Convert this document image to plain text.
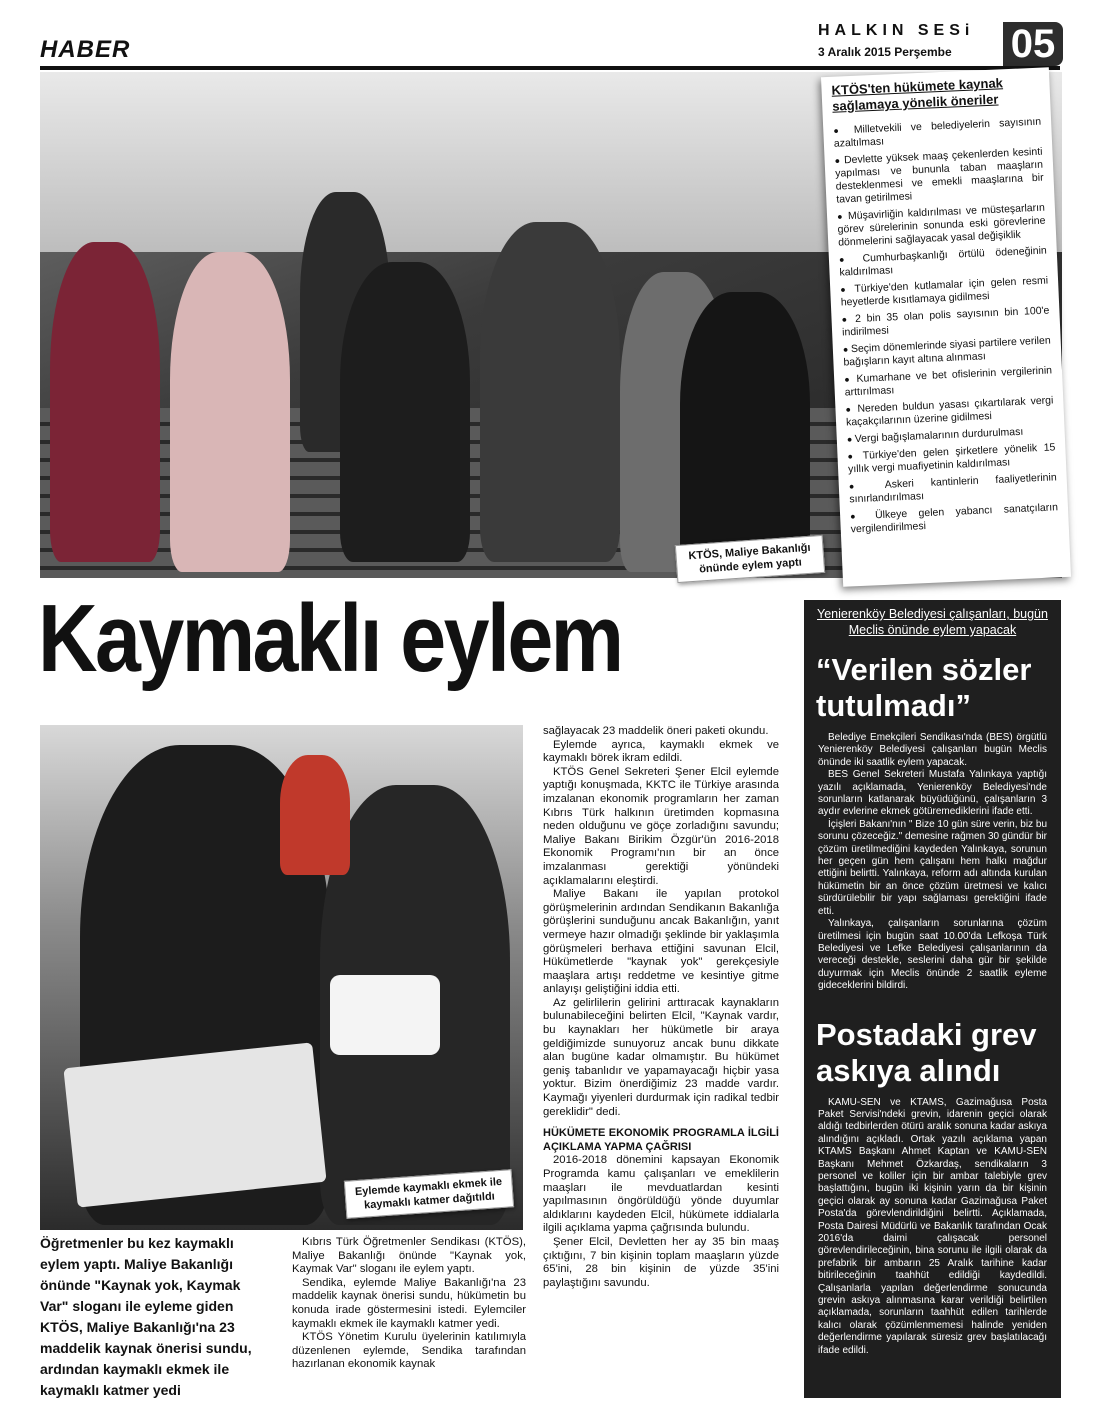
HABER
HALKIN SESi
3 Aralık 2015 Perşembe 05
KTÖS, Maliye Bakanlığı önünde eylem yaptı
KTÖS'ten hükümete kaynak sağlamaya yönelik öneriler
● Milletvekili ve belediyelerin sayısının azaltılması
● Devlette yüksek maaş çekenlerden kesinti yapılması ve bununla taban maaşların desteklenmesi ve emekli maaşlarına bir tavan getirilmesi
● Müşavirliğin kaldırılması ve müsteşarların görev sürelerinin sonunda eski görevlerine dönmelerini sağlayacak yasal değişiklik
● Cumhurbaşkanlığı örtülü ödeneğinin kaldırılması
● Türkiye'den kutlamalar için gelen resmi heyetlerde kısıtlamaya gidilmesi
● 2 bin 35 olan polis sayısının bin 100'e indirilmesi
● Seçim dönemlerinde siyasi partilere verilen bağışların kayıt altına alınması
● Kumarhane ve bet ofislerinin vergilerinin arttırılması
● Nereden buldun yasası çıkartılarak vergi kaçakçılarının üzerine gidilmesi
● Vergi bağışlamalarının durdurulması
● Türkiye'den gelen şirketlere yönelik 15 yıllık vergi muafiyetinin kaldırılması
● Askeri kantinlerin faaliyetlerinin sınırlandırılması
● Ülkeye gelen yabancı sanatçıların vergilendirilmesi
Kaymaklı eylem
Eylemde kaymaklı ekmek ile kaymaklı katmer dağıtıldı
Öğretmenler bu kez kaymaklı eylem yaptı. Maliye Bakanlığı önünde "Kaynak yok, Kaymak Var" sloganı ile eyleme giden KTÖS, Maliye Bakanlığı'na 23 maddelik kaynak önerisi sundu, ardından kaymaklı ekmek ile kaymaklı katmer yedi

Kıbrıs Türk Öğretmenler Sendikası (KTÖS), Maliye Bakanlığı önünde "Kaynak yok, Kaymak Var" sloganı ile eylem yaptı.

Sendika, eylemde Maliye Bakanlığı'na 23 maddelik kaynak önerisi sundu, hükümetin bu konuda irade göstermesini istedi. Eylemciler kaymaklı ekmek ile kaymaklı katmer yedi.

KTÖS Yönetim Kurulu üyelerinin katılımıyla düzenlenen eylemde, Sendika tarafından hazırlanan ekonomik kaynak

sağlayacak 23 maddelik öneri paketi okundu.

Eylemde ayrıca, kaymaklı ekmek ve kaymaklı börek ikram edildi.

KTÖS Genel Sekreteri Şener Elcil eylemde yaptığı konuşmada, KKTC ile Türkiye arasında imzalanan ekonomik programların her zaman Kıbrıs Türk halkının üretimden kopmasına neden olduğunu ve göçe zorladığını savundu; Maliye Bakanı Birikim Özgür'ün 2016-2018 Ekonomik Programı'nın bir an önce imzalanması gerektiği yönündeki açıklamalarını eleştirdi.

Maliye Bakanı ile yapılan protokol görüşmelerinin ardından Sendikanın Bakanlığa görüşlerini sunduğunu ancak Bakanlığın, yanıt vermeye hazır olmadığı şeklinde bir yaklaşımla görüşmeleri berhava ettiğini savunan Elcil, Hükümetlerde "kaynak yok" gerekçesiyle maaşlara artışı reddetme ve kesintiye gitme anlayışı geliştiğini iddia etti.

Az gelirlilerin gelirini arttıracak kaynakların bulunabileceğini belirten Elcil, "Kaynak vardır, bu kaynakları her hükümetle bir araya geldiğimizde sunuyoruz ancak bunu dikkate alan bugüne kadar olmamıştır. Bu hükümet geniş tabanlıdır ve yapamayacağı hiçbir yasa yoktur. Bizim önerdiğimiz 23 madde vardır. Kaymağı yiyenleri durdurmak için radikal tedbir gereklidir" dedi.

HÜKÜMETE EKONOMİK PROGRAMLA İLGİLİ AÇIKLAMA YAPMA ÇAĞRISI

2016-2018 dönemini kapsayan Ekonomik Programda kamu çalışanları ve emeklilerin maaşları ile mevduatlardan kesinti yapılmasının öngörüldüğü yönde duyumlar aldıklarını kaydeden Elcil, hükümete iddialarla ilgili açıklama yapma çağrısında bulundu.

Şener Elcil, Devletten her ay 35 bin maaş çıktığını, 7 bin kişinin toplam maaşların yüzde 65'ini, 28 bin kişinin de yüzde 35'ini paylaştığını savundu.

Yenierenköy Belediyesi çalışanları, bugün Meclis önünde eylem yapacak
“Verilen sözler tutulmadı”

Belediye Emekçileri Sendikası'nda (BES) örgütlü Yenierenköy Belediyesi çalışanları bugün Meclis önünde iki saatlik eylem yapacak.

BES Genel Sekreteri Mustafa Yalınkaya yaptığı yazılı açıklamada, Yenierenköy Belediyesi'nde sorunların katlanarak büyüdüğünü, çalışanların 3 aydır evlerine ekmek götüremediklerini ifade etti.

İçişleri Bakanı'nın " Bize 10 gün süre verin, biz bu sorunu çözeceğiz." demesine rağmen 30 gündür bir çözüm üretilmediğini kaydeden Yalınkaya, sorunun her geçen gün hem çalışanı hem halkı mağdur ettiğini belirtti. Yalınkaya, reform adı altında kurulan hükümetin bir an önce çözüm üretmesi ve kalıcı sürdürülebilir bir yapı sağlaması gerektiğini ifade etti.

Yalınkaya, çalışanların sorunlarına çözüm üretilmesi için bugün saat 10.00'da Lefkoşa Türk Belediyesi ve Lefke Belediyesi çalışanlarının da vereceği destekle, seslerini daha gür bir şekilde duyurmak için Meclis önünde 2 saatlik eyleme gideceklerini bildirdi.

Postadaki grev askıya alındı

KAMU-SEN ve KTAMS, Gazimağusa Posta Paket Servisi'ndeki grevin, idarenin geçici olarak aldığı tedbirlerden ötürü aralık sonuna kadar askıya alındığını açıkladı. Ortak yazılı açıklama yapan KTAMS Başkanı Ahmet Kaptan ve KAMU-SEN Başkanı Mehmet Özkardaş, sendikaların 3 personel ve koliler için bir ambar talebiyle grev başlattığını, bugün iki kişinin yarın da bir kişinin geçici olarak ay sonuna kadar Gazimağusa Paket Posta'da görevlendirildiğini belirtti. Açıklamada, Posta Dairesi Müdürlü ve Bakanlık tarafından Ocak 2016'da daimi çalışacak personel görevlendirileceğinin, bina sorunu ile ilgili olarak da prefabrik bir ambarın 25 Aralık tarihine kadar bitirileceğinin taahhüt edildiği kaydedildi. Çalışanlarla yapılan değerlendirme sonucunda grevin askıya alınmasına karar verildiği belirtilen açıklamada, sorunların taahhüt edilen tarihlerde kalıcı olarak çözümlenmemesi halinde yeniden değerlendirme yapılarak süresiz grev başlatılacağı ifade edildi.
